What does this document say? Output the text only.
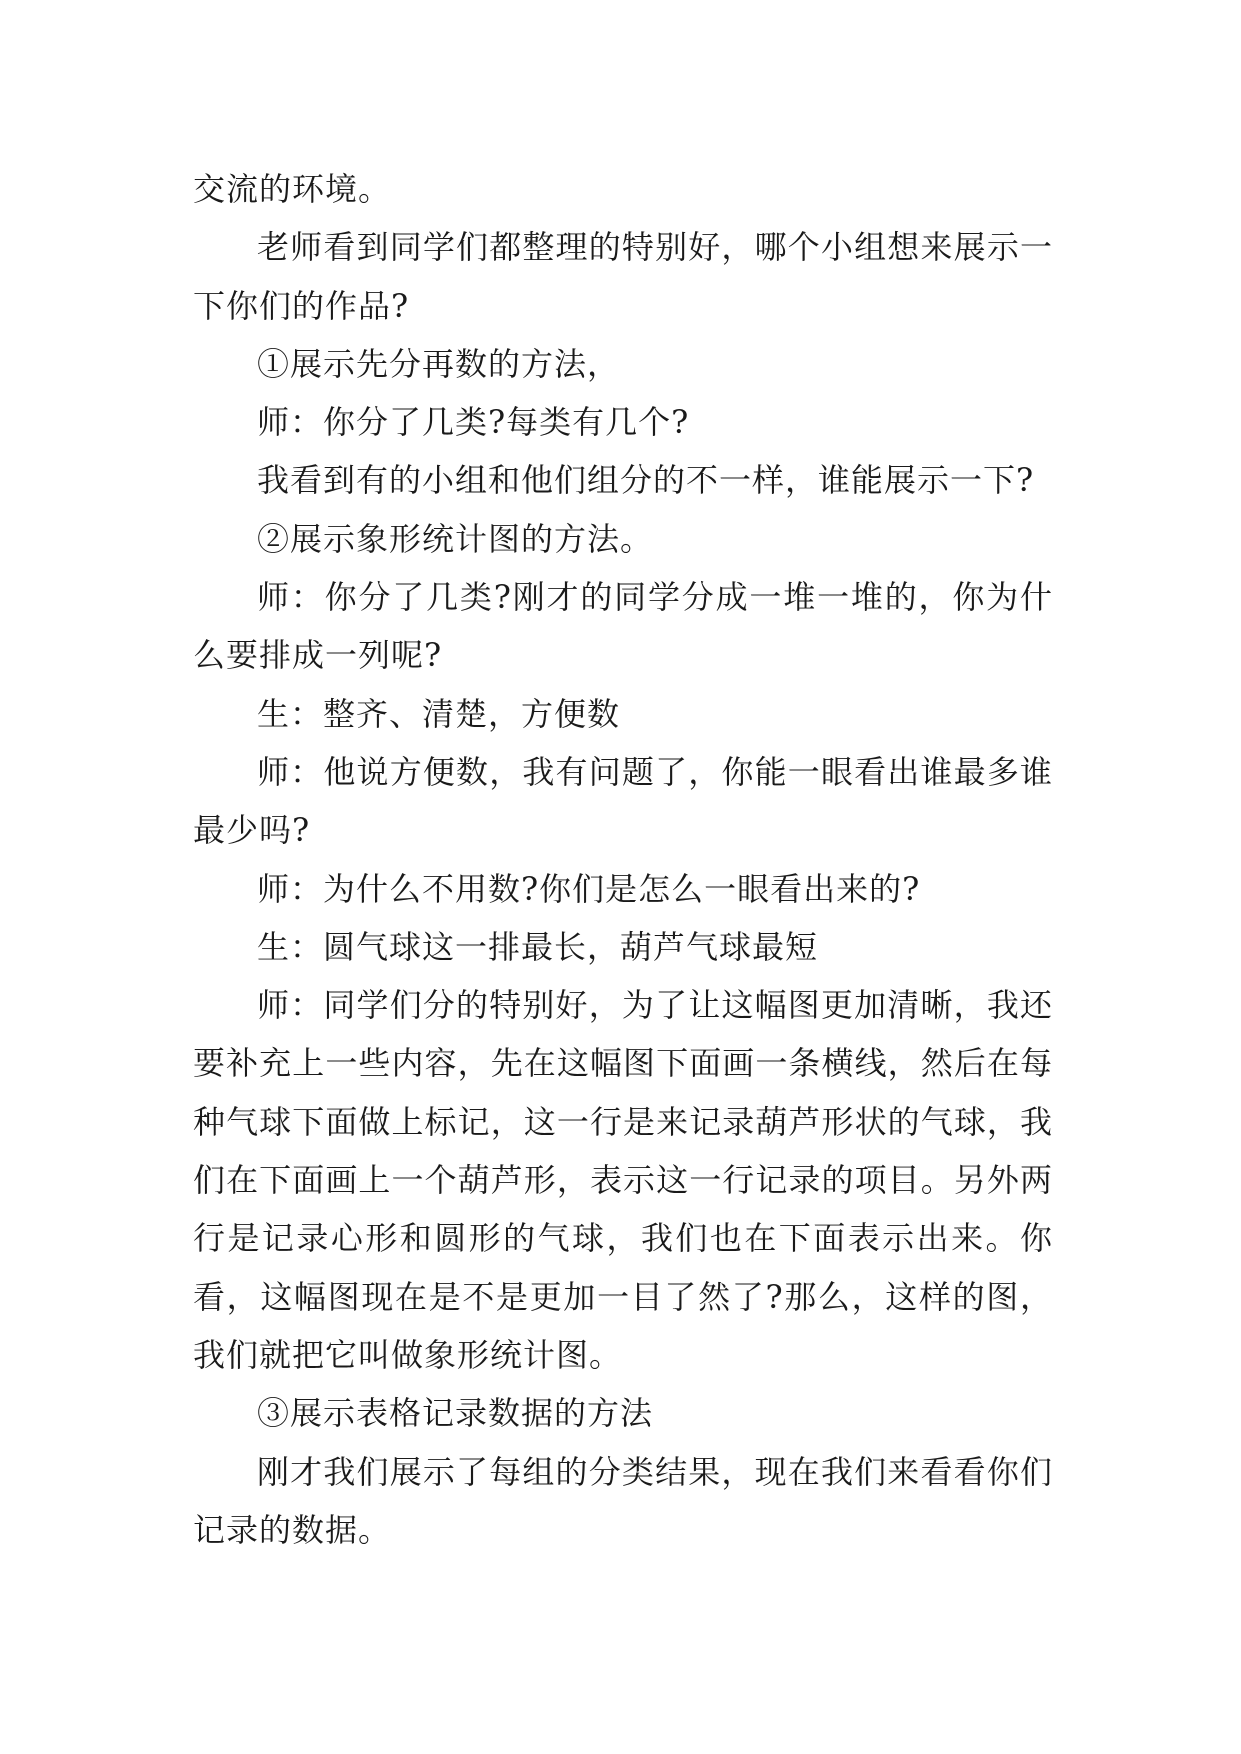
交流的环境。

老师看到同学们都整理的特别好，哪个小组想来展示一下你们的作品?

①展示先分再数的方法，

师：你分了几类?每类有几个?

我看到有的小组和他们组分的不一样，谁能展示一下?

②展示象形统计图的方法。

师：你分了几类?刚才的同学分成一堆一堆的，你为什么要排成一列呢?

生：整齐、清楚，方便数

师：他说方便数，我有问题了，你能一眼看出谁最多谁最少吗?

师：为什么不用数?你们是怎么一眼看出来的?

生：圆气球这一排最长，葫芦气球最短

师：同学们分的特别好，为了让这幅图更加清晰，我还要补充上一些内容，先在这幅图下面画一条横线，然后在每种气球下面做上标记，这一行是来记录葫芦形状的气球，我们在下面画上一个葫芦形，表示这一行记录的项目。另外两行是记录心形和圆形的气球，我们也在下面表示出来。你看，这幅图现在是不是更加一目了然了?那么，这样的图，我们就把它叫做象形统计图。

③展示表格记录数据的方法

刚才我们展示了每组的分类结果，现在我们来看看你们记录的数据。
